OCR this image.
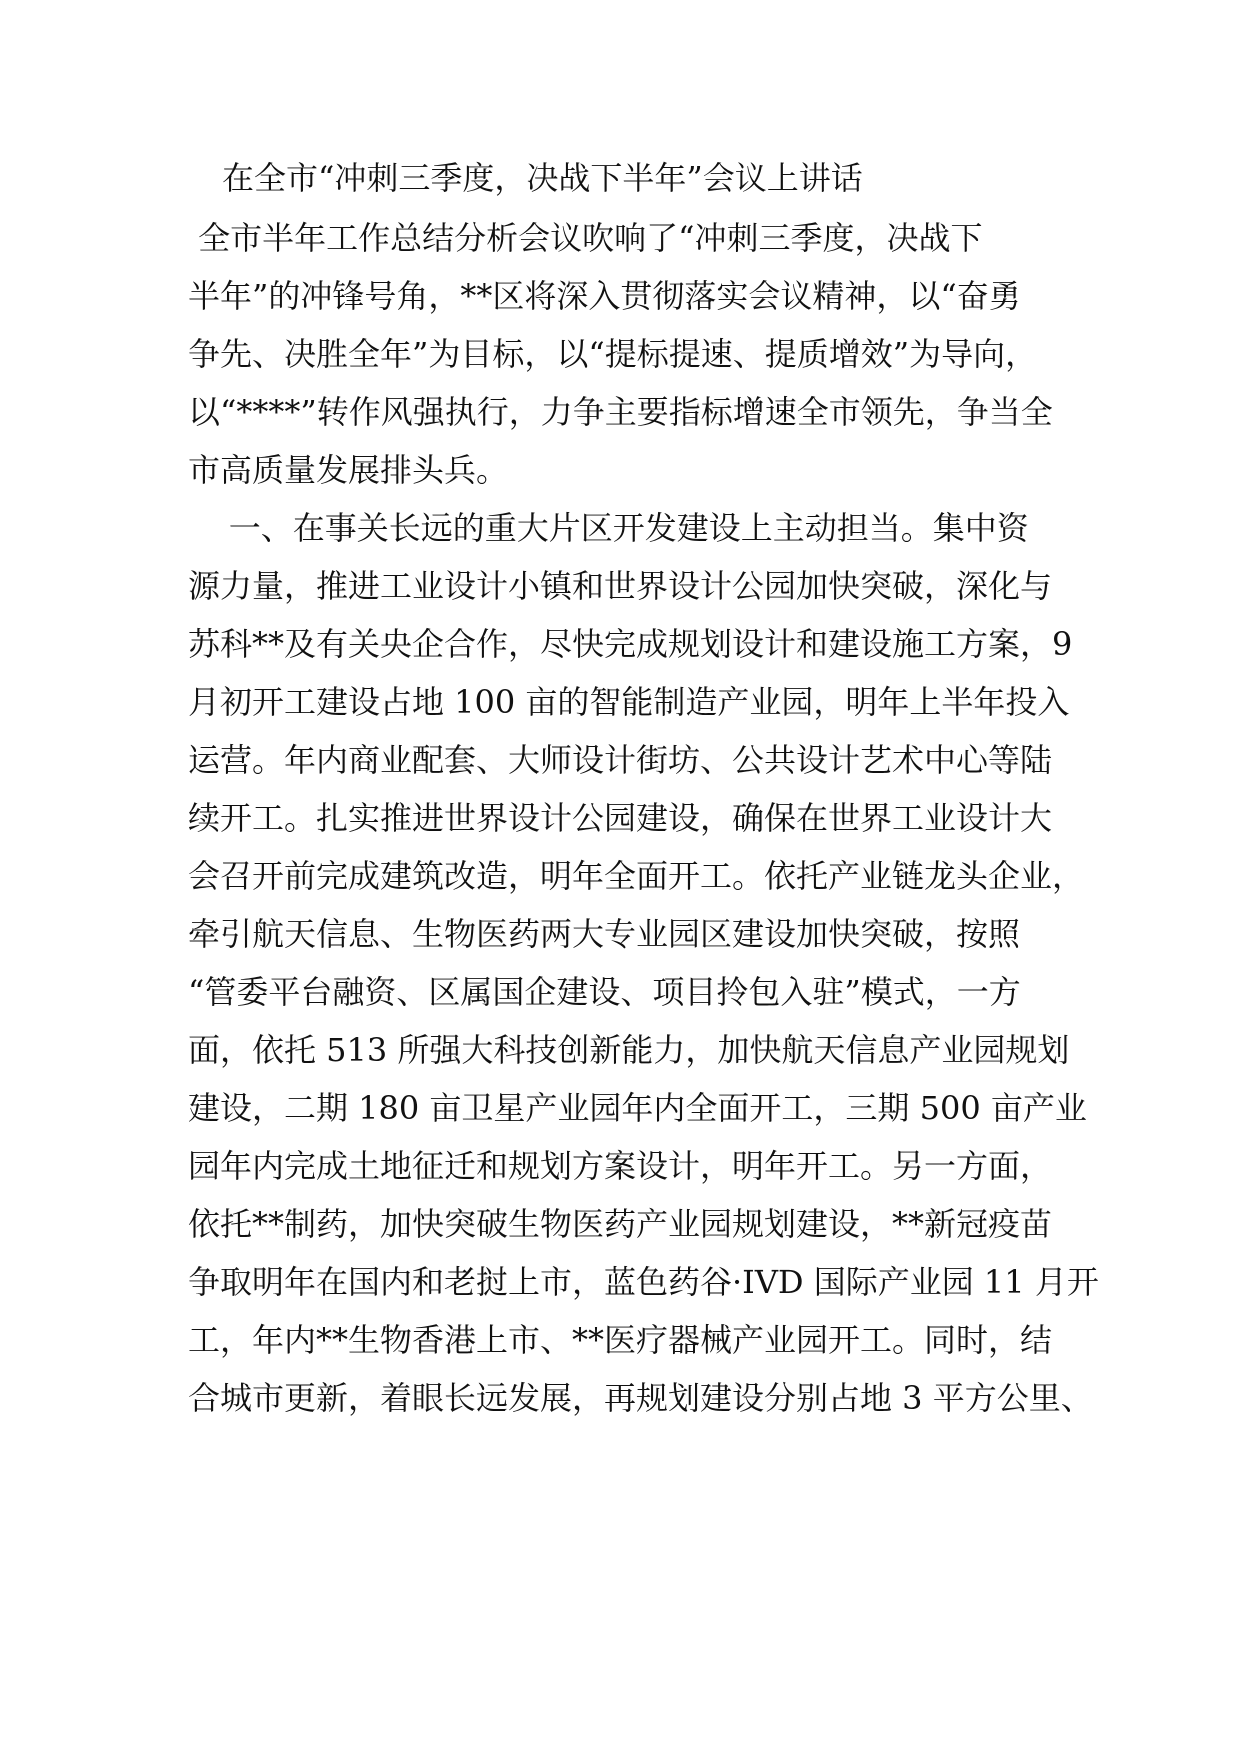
在全市“冲刺三季度，决战下半年”会议上讲话
全市半年工作总结分析会议吹响了“冲刺三季度，决战下
半年”的冲锋号角，**区将深入贯彻落实会议精神，以“奋勇
争先、决胜全年”为目标，以“提标提速、提质增效”为导向，
以“****”转作风强执行，力争主要指标增速全市领先，争当全
市高质量发展排头兵。
一、在事关长远的重大片区开发建设上主动担当。集中资
源力量，推进工业设计小镇和世界设计公园加快突破，深化与
苏科**及有关央企合作，尽快完成规划设计和建设施工方案，9
月初开工建设占地 100 亩的智能制造产业园，明年上半年投入
运营。年内商业配套、大师设计街坊、公共设计艺术中心等陆
续开工。扎实推进世界设计公园建设，确保在世界工业设计大
会召开前完成建筑改造，明年全面开工。依托产业链龙头企业，
牵引航天信息、生物医药两大专业园区建设加快突破，按照
“管委平台融资、区属国企建设、项目拎包入驻”模式，一方
面，依托 513 所强大科技创新能力，加快航天信息产业园规划
建设，二期 180 亩卫星产业园年内全面开工，三期 500 亩产业
园年内完成土地征迁和规划方案设计，明年开工。另一方面，
依托**制药，加快突破生物医药产业园规划建设，**新冠疫苗
争取明年在国内和老挝上市，蓝色药谷·IVD 国际产业园 11 月开
工，年内**生物香港上市、**医疗器械产业园开工。同时，结
合城市更新，着眼长远发展，再规划建设分别占地 3 平方公里、
